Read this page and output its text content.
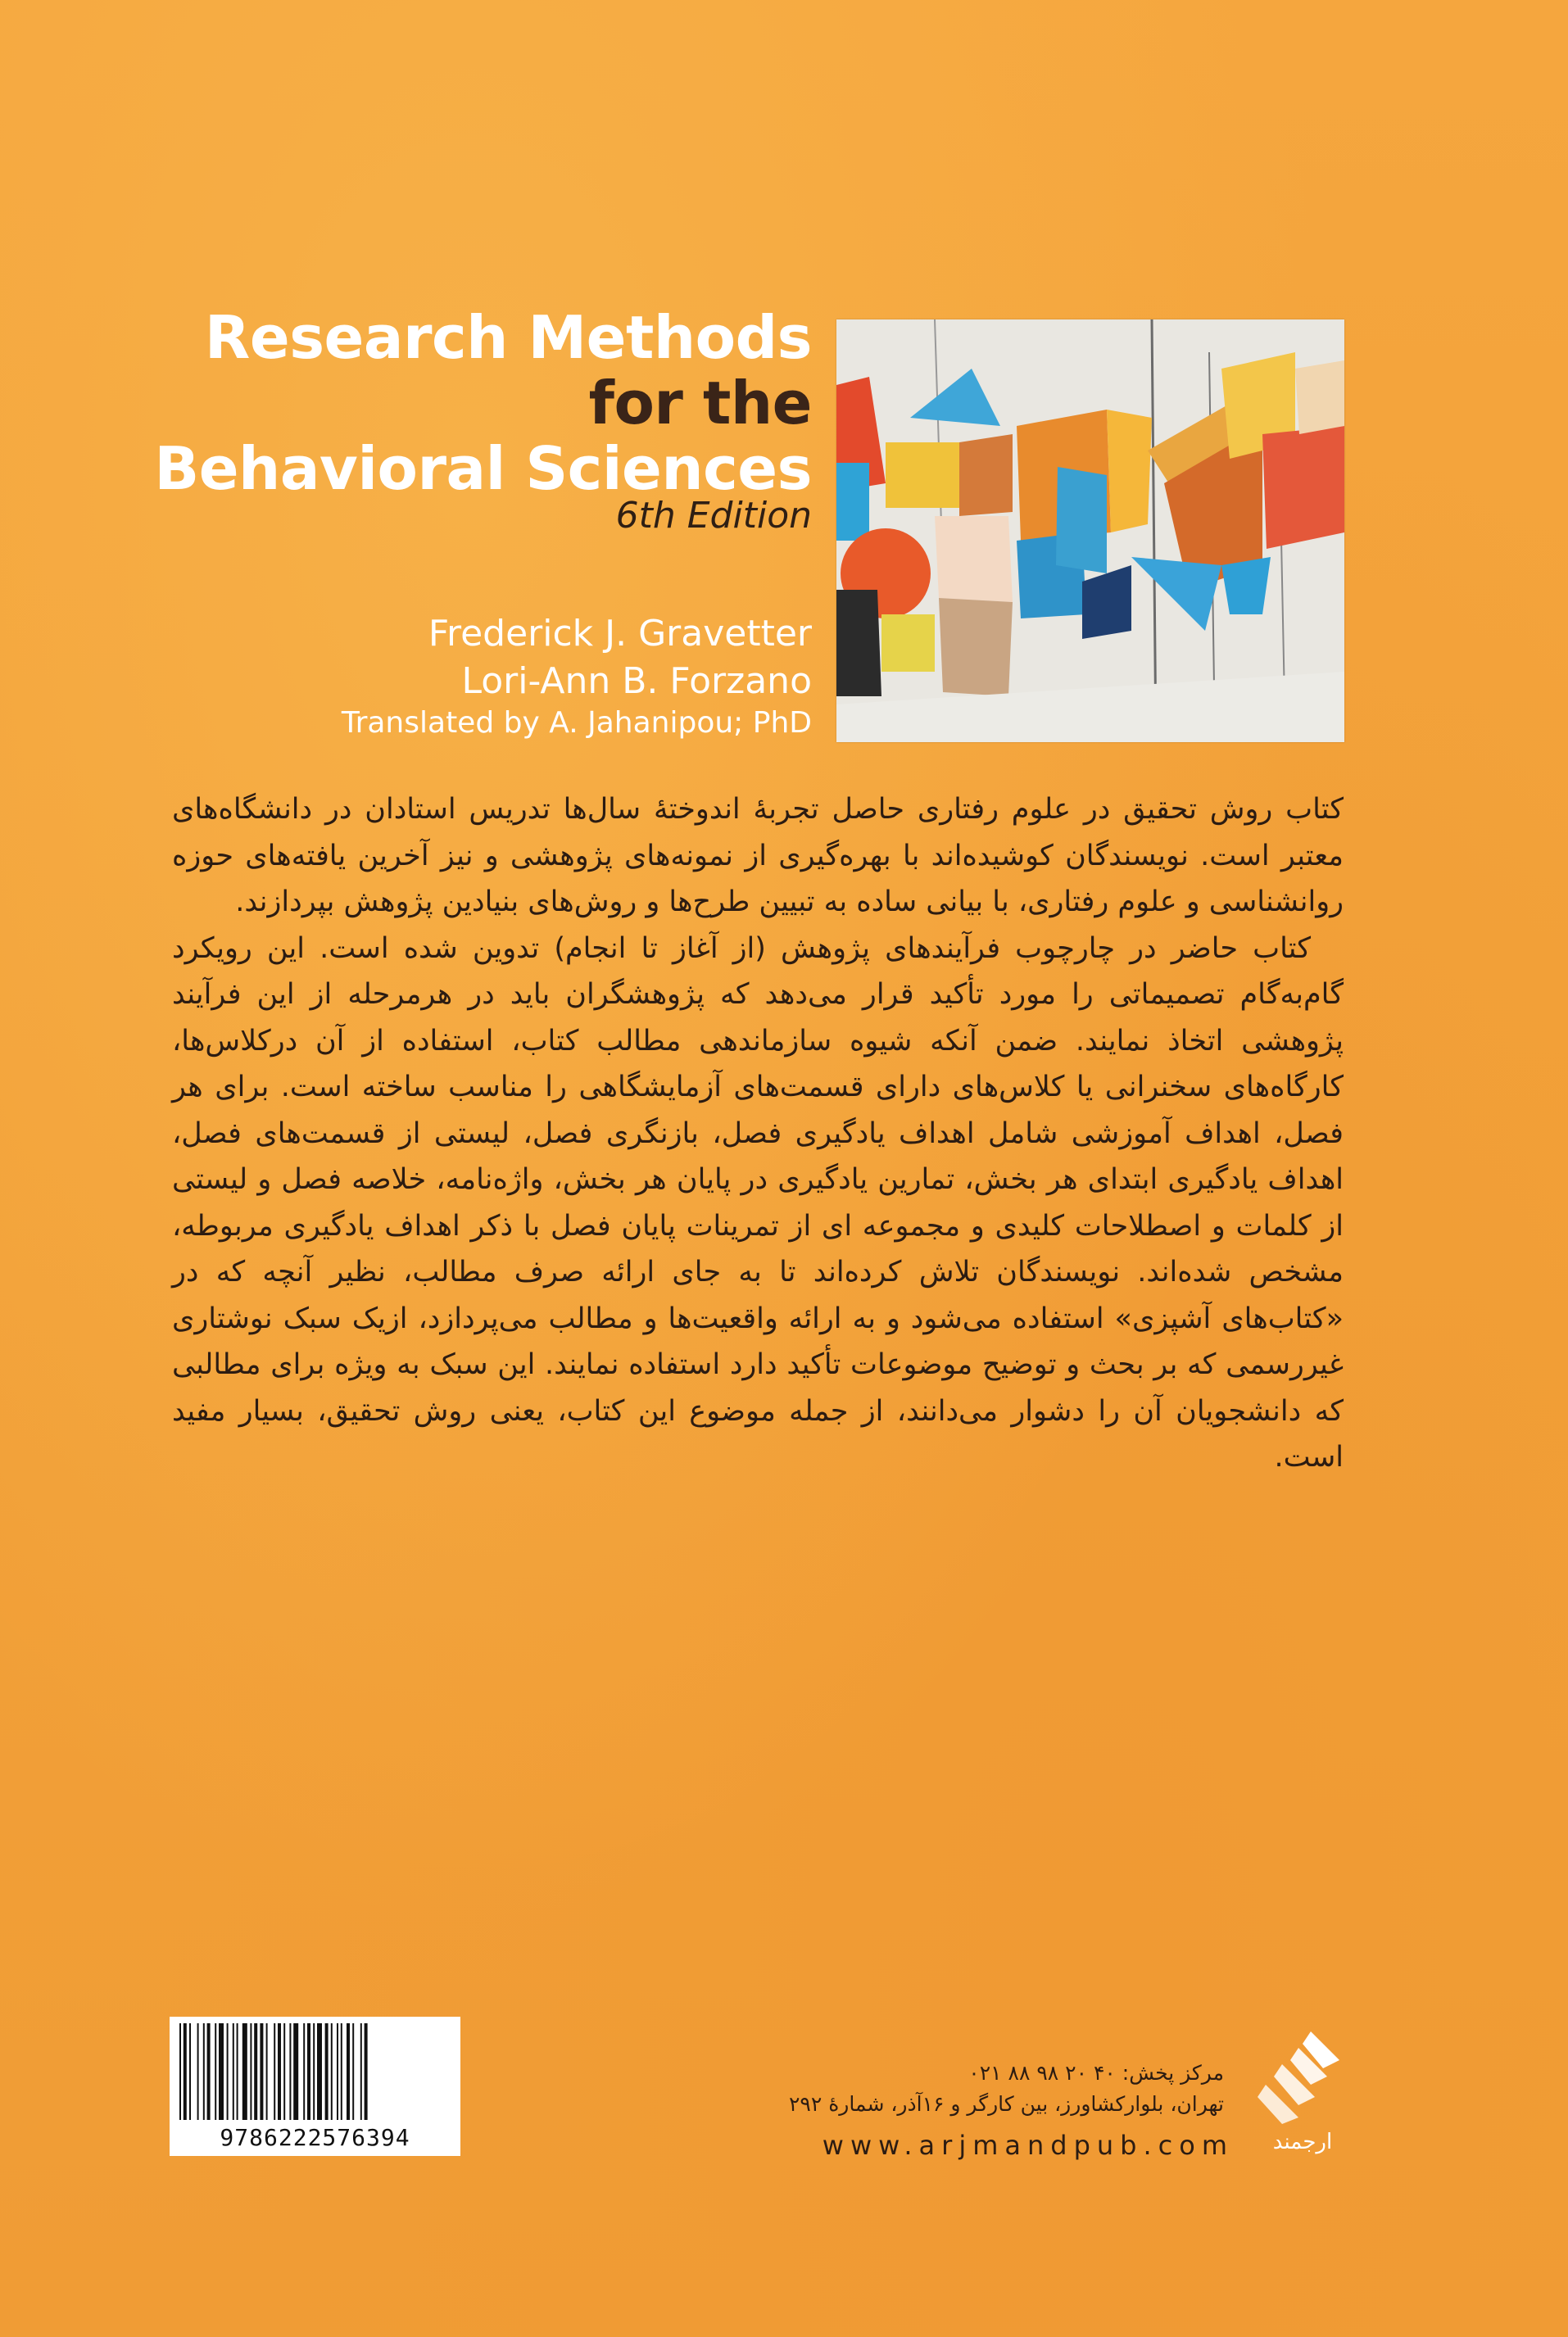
Research Methods
for the
Behavioral Sciences
6th Edition
Frederick J. Gravetter
Lori-Ann B. Forzano
Translated by A. Jahanipou; PhD

کتاب روش تحقیق در علوم رفتاری حاصل تجربهٔ اندوختهٔ سال‌ها تدریس استادان در دانشگاه‌های معتبر است. نویسندگان کوشیده‌اند با بهره‌گیری از نمونه‌های پژوهشی و نیز آخرین یافته‌های حوزه روانشناسی و علوم رفتاری، با بیانی ساده به تبیین طرح‌ها و روش‌های بنیادین پژوهش بپردازند.

کتاب حاضر در چارچوب فرآیندهای پژوهش (از آغاز تا انجام) تدوین شده است. این رویکرد گام‌به‌گام تصمیماتی را مورد تأکید قرار می‌دهد که پژوهشگران باید در هرمرحله از این فرآیند پژوهشی اتخاذ نمایند. ضمن آنکه شیوه سازماندهی مطالب کتاب، استفاده از آن درکلاس‌ها، کارگاه‌های سخنرانی یا کلاس‌های دارای قسمت‌های آزمایشگاهی را مناسب ساخته است. برای هر فصل، اهداف آموزشی شامل اهداف یادگیری فصل، بازنگری فصل، لیستی از قسمت‌های فصل، اهداف یادگیری ابتدای هر بخش، تمارین یادگیری در پایان هر بخش، واژه‌نامه، خلاصه فصل و لیستی از کلمات و اصطلاحات کلیدی و مجموعه ای از تمرینات پایان فصل با ذکر اهداف یادگیری مربوطه، مشخص شده‌اند. نویسندگان تلاش کرده‌اند تا به جای ارائه صرف مطالب، نظیر آنچه که در «کتاب‌های آشپزی» استفاده می‌شود و به ارائه واقعیت‌ها و مطالب می‌پردازد، ازیک سبک نوشتاری غیررسمی که بر بحث و توضیح موضوعات تأکید دارد استفاده نمایند. این سبک به ویژه برای مطالبی که دانشجویان آن را دشوار می‌دانند، از جمله موضوع این کتاب، یعنی روش تحقیق، بسیار مفید است.

9786222576394
مرکز پخش: ۴۰ ۲۰ ۹۸ ۸۸ ۰۲۱
تهران، بلوارکشاورز، بین کارگر و ۱۶آذر، شمارهٔ ۲۹۲
www.arjmandpub.com	ارجمند
